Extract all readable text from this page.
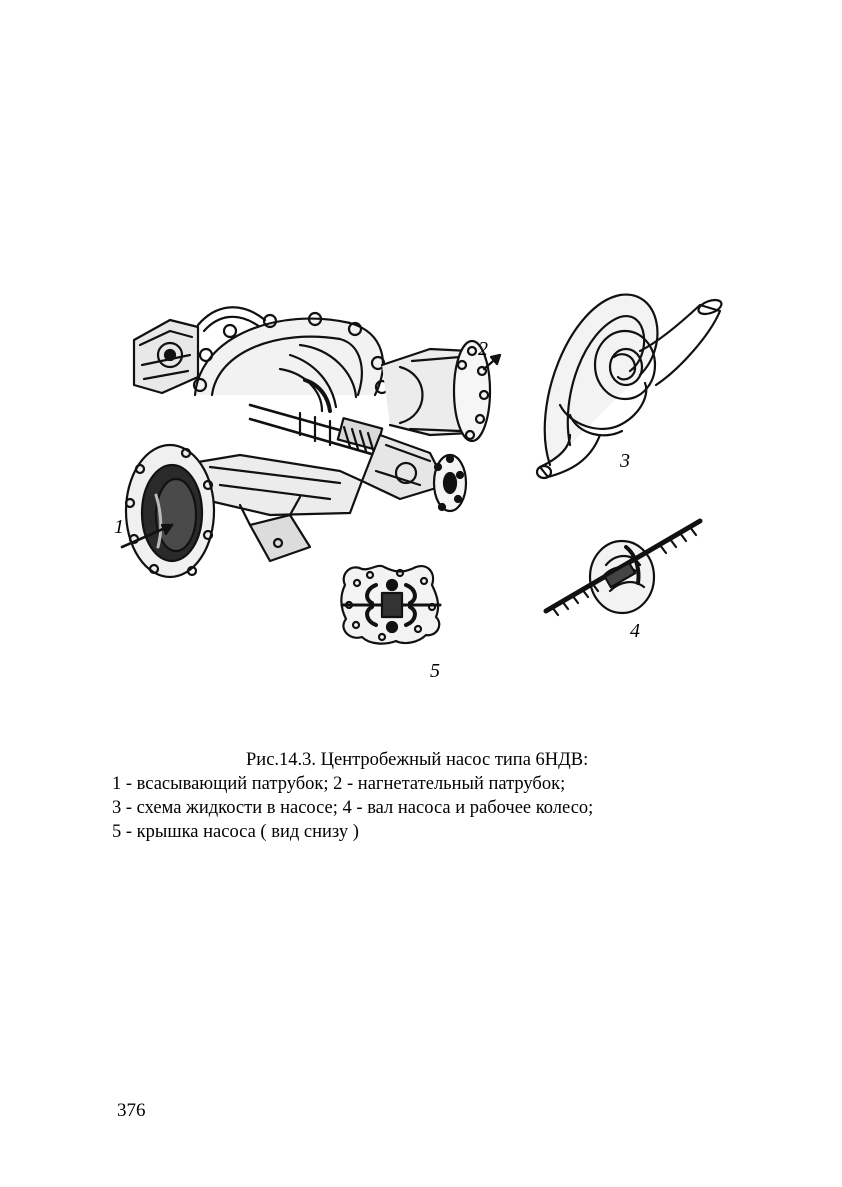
1
2
3
4
5
Рис.14.3. Центробежный насос типа 6НДВ:
1 - всасывающий патрубок; 2 - нагнетательный патрубок;
3 - схема жидкости в насосе; 4 - вал насоса и рабочее колесо;
5 - крышка насоса ( вид снизу )
376
